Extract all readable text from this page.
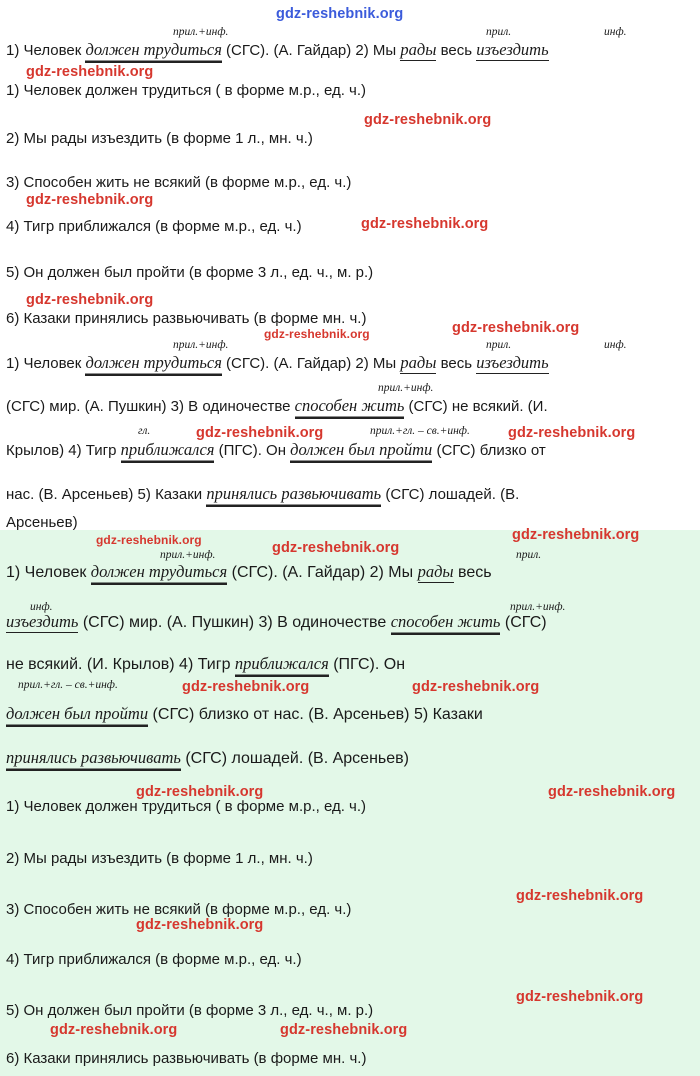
прил.+инф.	прил.	инф.
1) Человек должен трудиться (СГС). (А. Гайдар) 2) Мы рады весь изъездить
1) Человек должен трудиться ( в форме м.р., ед. ч.)
2) Мы рады изъездить (в форме 1 л., мн. ч.)
3) Способен жить не всякий (в форме м.р., ед. ч.)
4) Тигр приближался (в форме м.р., ед. ч.)
5) Он должен был пройти (в форме 3 л., ед. ч., м. р.)
6) Казаки принялись развьючивать (в форме мн. ч.)
прил.+инф.	прил.	инф.
прил.+инф.
гл.	прил.+гл. – св.+инф.
1) Человек должен трудиться (СГС). (А. Гайдар) 2) Мы рады весь изъездить
(СГС) мир. (А. Пушкин) 3) В одиночестве способен жить (СГС) не всякий. (И.
Крылов) 4) Тигр приближался (ПГС). Он должен был пройти (СГС) близко от
нас. (В. Арсеньев) 5) Казаки принялись развьючивать (СГС) лошадей. (В.
Арсеньев)
прил.+инф.	прил.
инф.	прил.+инф.
прил.+гл. – св.+инф.
1) Человек должен трудиться (СГС). (А. Гайдар) 2) Мы рады весь
изъездить (СГС) мир. (А. Пушкин) 3) В одиночестве способен жить (СГС)
не всякий. (И. Крылов) 4) Тигр приближался (ПГС). Он
должен был пройти (СГС) близко от нас. (В. Арсеньев) 5) Казаки
принялись развьючивать (СГС) лошадей. (В. Арсеньев)
1) Человек должен трудиться ( в форме м.р., ед. ч.)
2) Мы рады изъездить (в форме 1 л., мн. ч.)
3) Способен жить не всякий (в форме м.р., ед. ч.)
4) Тигр приближался (в форме м.р., ед. ч.)
5) Он должен был пройти (в форме 3 л., ед. ч., м. р.)
6) Казаки принялись развьючивать (в форме мн. ч.)
gdz-reshebnik.org
gdz-reshebnik.org
gdz-reshebnik.org
gdz-reshebnik.org
gdz-reshebnik.org
gdz-reshebnik.org
gdz-reshebnik.org
gdz-reshebnik.org
gdz-reshebnik.org	gdz-reshebnik.org
gdz-reshebnik.org	gdz-reshebnik.org
gdz-reshebnik.org
gdz-reshebnik.org	gdz-reshebnik.org
gdz-reshebnik.org	gdz-reshebnik.org
gdz-reshebnik.org
gdz-reshebnik.org
gdz-reshebnik.org
gdz-reshebnik.org	gdz-reshebnik.org
